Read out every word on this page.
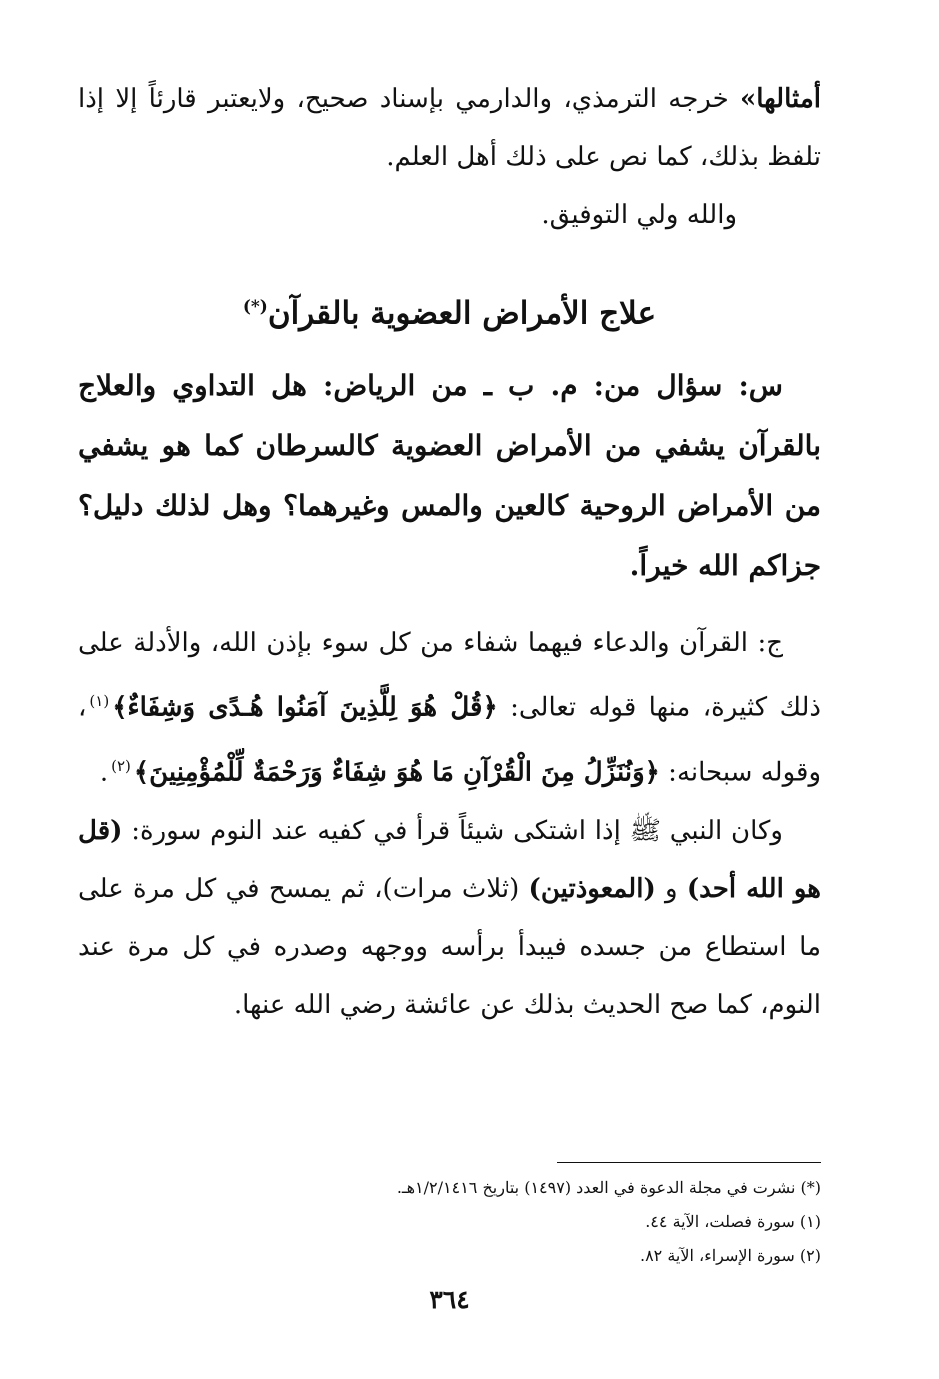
أمثالها» خرجه الترمذي، والدارمي بإسناد صحيح، ولايعتبر قارئاً إلا إذا تلفظ بذلك، كما نص على ذلك أهل العلم.

والله ولي التوفيق.

علاج الأمراض العضوية بالقرآن(*)

س: سؤال من: م. ب ـ من الرياض: هل التداوي والعلاج بالقرآن يشفي من الأمراض العضوية كالسرطان كما هو يشفي من الأمراض الروحية كالعين والمس وغيرهما؟ وهل لذلك دليل؟ جزاكم الله خيراً.

ج: القرآن والدعاء فيهما شفاء من كل سوء بإذن الله، والأدلة على ذلك كثيرة، منها قوله تعالى: ﴿قُلْ هُوَ لِلَّذِينَ آمَنُوا هُـدًى وَشِفَاءٌ﴾$^{(١)}$، وقوله سبحانه: ﴿وَنُنَزِّلُ مِنَ الْقُرْآنِ مَا هُوَ شِفَاءٌ وَرَحْمَةٌ لِّلْمُؤْمِنِينَ﴾$^{(٢)}$.

وكان النبي ﷺ إذا اشتكى شيئاً قرأ في كفيه عند النوم سورة: (قل هو الله أحد) و (المعوذتين) (ثلاث مرات)، ثم يمسح في كل مرة على ما استطاع من جسده فيبدأ برأسه ووجهه وصدره في كل مرة عند النوم، كما صح الحديث بذلك عن عائشة رضي الله عنها.

(*) نشرت في مجلة الدعوة في العدد (١٤٩٧) بتاريخ ١/٢/١٤١٦هـ.

(١) سورة فصلت، الآية ٤٤.

(٢) سورة الإسراء، الآية ٨٢.

٣٦٤
